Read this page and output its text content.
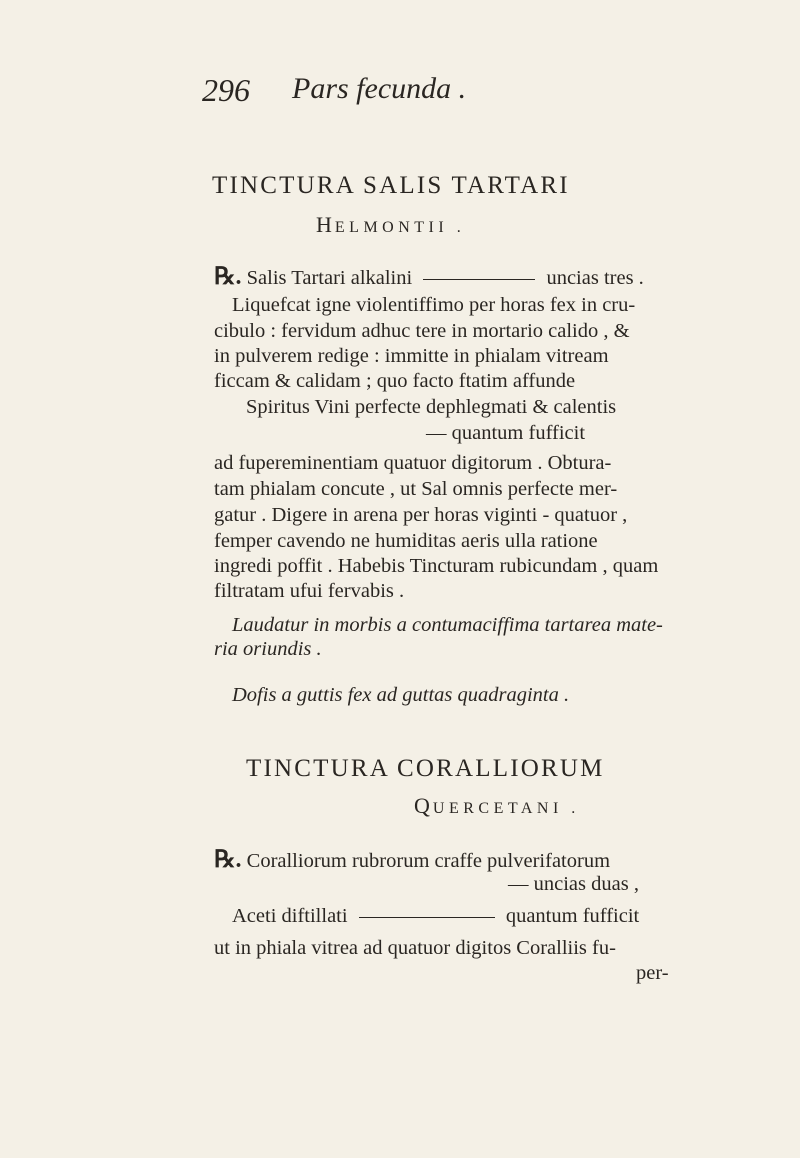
296 Pars fecunda .
TINCTURA SALIS TARTARI
HELMONTII .
℞. Salis Tartari alkalini	uncias tres .
Liquefcat igne violentiffimo per horas fex in cru-
cibulo : fervidum adhuc tere in mortario calido , &
in pulverem redige : immitte in phialam vitream
ficcam & calidam ; quo facto ftatim affunde
Spiritus Vini perfecte dephlegmati & calentis
— quantum fufficit
ad fupereminentiam quatuor digitorum . Obtura-
tam phialam concute , ut Sal omnis perfecte mer-
gatur . Digere in arena per horas viginti - quatuor ,
femper cavendo ne humiditas aeris ulla ratione
ingredi poffit . Habebis Tincturam rubicundam , quam
filtratam ufui fervabis .
Laudatur in morbis a contumaciffima tartarea mate-
ria oriundis .
Dofis a guttis fex ad guttas quadraginta .
TINCTURA CORALLIORUM
QUERCETANI .
℞. Coralliorum rubrorum craffe pulverifatorum
— uncias duas ,
Aceti diftillati	quantum fufficit
ut in phiala vitrea ad quatuor digitos Coralliis fu-
per-
